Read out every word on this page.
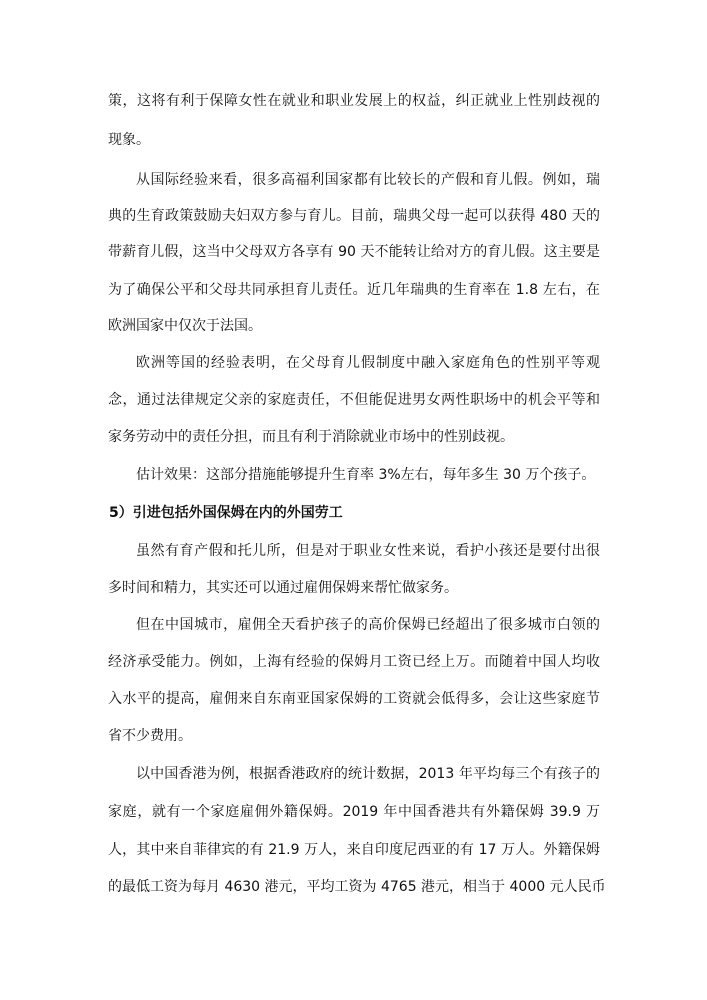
策，这将有利于保障女性在就业和职业发展上的权益，纠正就业上性别歧视的
现象。
从国际经验来看，很多高福利国家都有比较长的产假和育儿假。例如，瑞
典的生育政策鼓励夫妇双方参与育儿。目前，瑞典父母一起可以获得 480 天的
带薪育儿假，这当中父母双方各享有 90 天不能转让给对方的育儿假。这主要是
为了确保公平和父母共同承担育儿责任。近几年瑞典的生育率在 1.8 左右，在
欧洲国家中仅次于法国。
欧洲等国的经验表明，在父母育儿假制度中融入家庭角色的性别平等观
念，通过法律规定父亲的家庭责任，不但能促进男女两性职场中的机会平等和
家务劳动中的责任分担，而且有利于消除就业市场中的性别歧视。
估计效果：这部分措施能够提升生育率 3%左右，每年多生 30 万个孩子。
5）引进包括外国保姆在内的外国劳工
虽然有育产假和托儿所，但是对于职业女性来说，看护小孩还是要付出很
多时间和精力，其实还可以通过雇佣保姆来帮忙做家务。
但在中国城市，雇佣全天看护孩子的高价保姆已经超出了很多城市白领的
经济承受能力。例如，上海有经验的保姆月工资已经上万。而随着中国人均收
入水平的提高，雇佣来自东南亚国家保姆的工资就会低得多，会让这些家庭节
省不少费用。
以中国香港为例，根据香港政府的统计数据，2013 年平均每三个有孩子的
家庭，就有一个家庭雇佣外籍保姆。2019 年中国香港共有外籍保姆 39.9 万
人，其中来自菲律宾的有 21.9 万人，来自印度尼西亚的有 17 万人。外籍保姆
的最低工资为每月 4630 港元，平均工资为 4765 港元，相当于 4000 元人民币
